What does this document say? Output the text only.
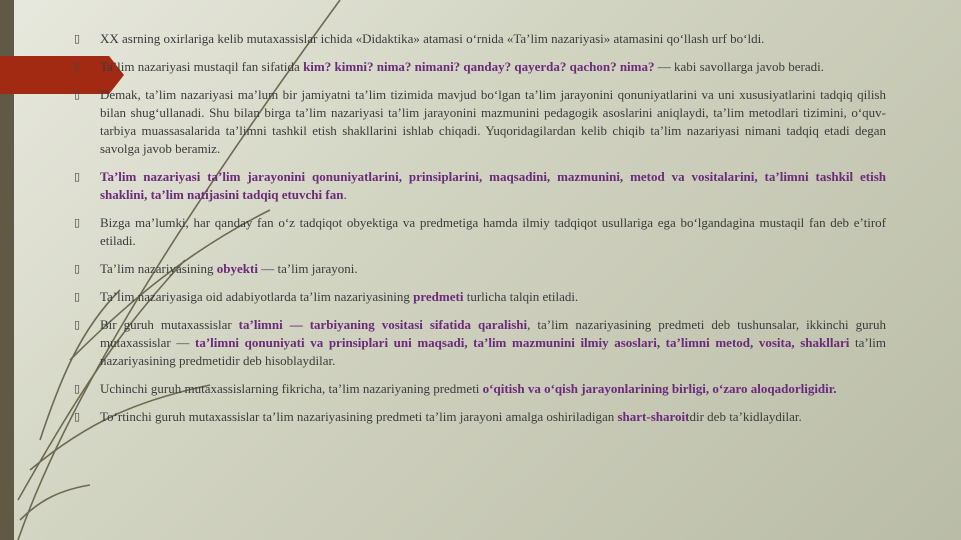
▯	XX asrning oxirlariga kelib mutaxassislar ichida «Didaktika» atamasi o‘rnida «Ta’lim nazariyasi» atamasini qo‘llash urf bo‘ldi.
▯	Ta’lim nazariyasi mustaqil fan sifatida kim? kimni? nima? nimani? qanday? qayerda? qachon? nima? — kabi savollarga javob beradi.
▯	Demak, ta’lim nazariyasi ma’lum bir jamiyatni ta’lim tizimida mavjud bo‘lgan ta’lim jarayonini qonuniyatlarini va uni xususiyatlarini tadqiq qilish bilan shug‘ullanadi. Shu bilan birga ta’lim nazariyasi ta’lim jarayonini mazmunini pedagogik asoslarini aniqlaydi, ta’lim metodlari tizimini, o‘quv-tarbiya muassasalarida ta’limni tashkil etish shakllarini ishlab chiqadi. Yuqoridagilardan kelib chiqib ta’lim nazariyasi nimani tadqiq etadi degan savolga javob beramiz.
▯	Ta’lim nazariyasi ta’lim jarayonini qonuniyatlarini, prinsiplarini, maqsadini, mazmunini, metod va vositalarini, ta’limni tashkil etish shaklini, ta’lim natijasini tadqiq etuvchi fan.
▯	Bizga ma’lumki, har qanday fan o‘z tadqiqot obyektiga va predmetiga hamda ilmiy tadqiqot usullariga ega bo‘lgandagina mustaqil fan deb e’tirof etiladi.
▯	Ta’lim nazariyasining obyekti — ta’lim jarayoni.
▯	Ta’lim nazariyasiga oid adabiyotlarda ta’lim nazariyasining predmeti turlicha talqin etiladi.
▯	Bir guruh mutaxassislar ta’limni — tarbiyaning vositasi sifatida qaralishi, ta’lim nazariyasining predmeti deb tushunsalar, ikkinchi guruh mutaxassislar — ta’limni qonuniyati va prinsiplari uni maqsadi, ta’lim mazmunini ilmiy asoslari, ta’limni metod, vosita, shakllari ta’lim nazariyasining predmetidir deb hisoblaydilar.
▯	Uchinchi guruh mutaxassislarning fikricha, ta’lim nazariyaning predmeti o‘qitish va o‘qish jarayonlarining birligi, o‘zaro aloqadorligidir.
▯	To‘rtinchi guruh mutaxassislar ta’lim nazariyasining predmeti ta’lim jarayoni amalga oshiriladigan shart-sharoitdir deb ta’kidlaydilar.
